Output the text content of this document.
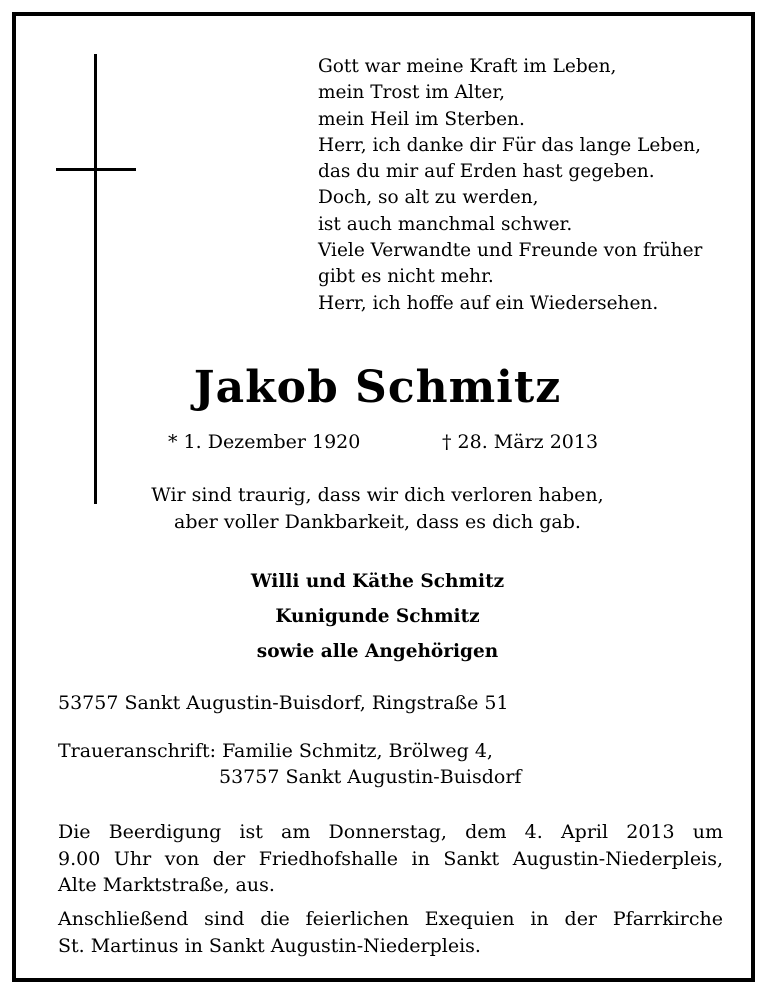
Gott war meine Kraft im Leben,
mein Trost im Alter,
mein Heil im Sterben.
Herr, ich danke dir Für das lange Leben,
das du mir auf Erden hast gegeben.
Doch, so alt zu werden,
ist auch manchmal schwer.
Viele Verwandte und Freunde von früher
gibt es nicht mehr.
Herr, ich hoffe auf ein Wiedersehen.
Jakob Schmitz
* 1. Dezember 1920	† 28. März 2013
Wir sind traurig, dass wir dich verloren haben,
aber voller Dankbarkeit, dass es dich gab.
Willi und Käthe Schmitz
Kunigunde Schmitz
sowie alle Angehörigen
53757 Sankt Augustin-Buisdorf, Ringstraße 51
Traueranschrift: Familie Schmitz, Brölweg 4,
53757 Sankt Augustin-Buisdorf
Die Beerdigung ist am Donnerstag, dem 4. April 2013 um
9.00 Uhr von der Friedhofshalle in Sankt Augustin-Niederpleis,
Alte Marktstraße, aus.
Anschließend sind die feierlichen Exequien in der Pfarrkirche
St. Martinus in Sankt Augustin-Niederpleis.
